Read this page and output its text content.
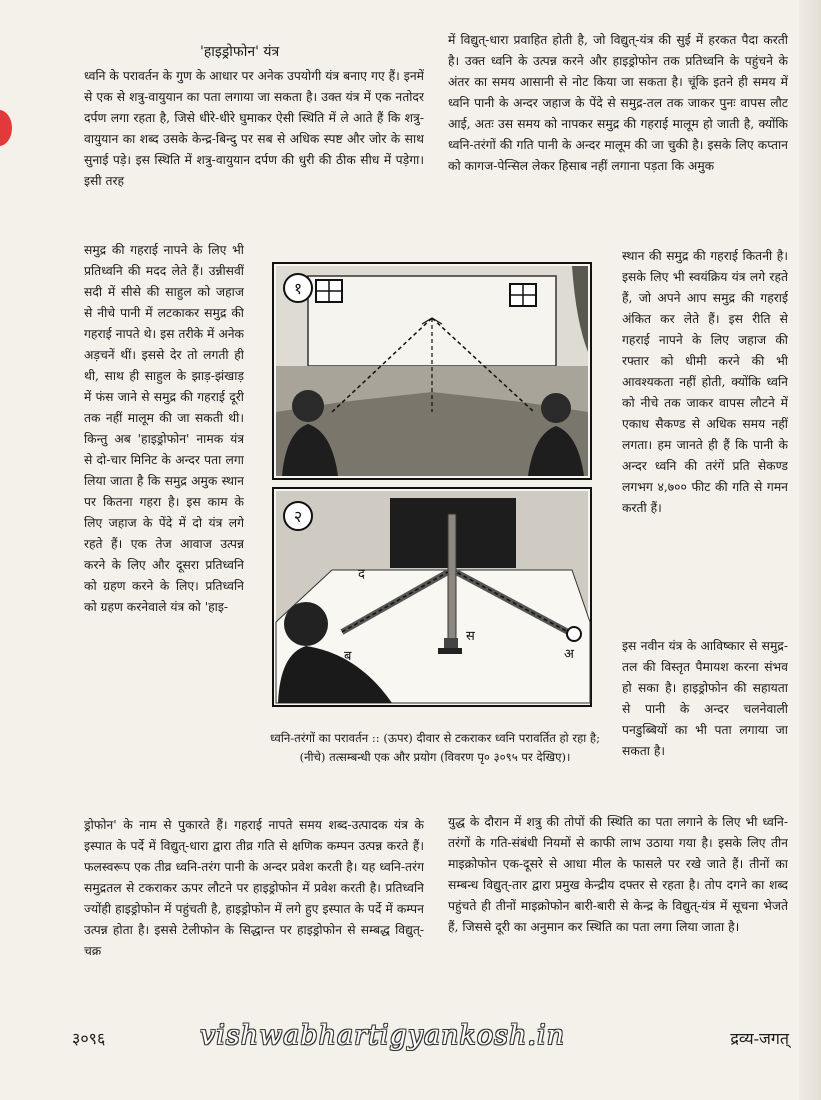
'हाइड्रोफोन' यंत्र

ध्वनि के परावर्तन के गुण के आधार पर अनेक उपयोगी यंत्र बनाए गए हैं। इनमें से एक से शत्रु-वायुयान का पता लगाया जा सकता है। उक्त यंत्र में एक नतोदर दर्पण लगा रहता है, जिसे धीरे-धीरे घुमाकर ऐसी स्थिति में ले आते हैं कि शत्रु-वायुयान का शब्द उसके केन्द्र-बिन्दु पर सब से अधिक स्पष्ट और जोर के साथ सुनाई पड़े। इस स्थिति में शत्रु-वायुयान दर्पण की धुरी की ठीक सीध में पड़ेगा। इसी तरह

समुद्र की गहराई नापने के लिए भी प्रतिध्वनि की मदद लेते हैं। उन्नीसवीं सदी में सीसे की साहुल को जहाज से नीचे पानी में लटकाकर समुद्र की गहराई नापते थे। इस तरीके में अनेक अड़चनें थीं। इससे देर तो लगती ही थी, साथ ही साहुल के झाड़-झंखाड़ में फंस जाने से समुद्र की गहराई दूरी तक नहीं मालूम की जा सकती थी। किन्तु अब 'हाइड्रोफोन' नामक यंत्र से दो-चार मिनिट के अन्दर पता लगा लिया जाता है कि समुद्र अमुक स्थान पर कितना गहरा है। इस काम के लिए जहाज के पेंदे में दो यंत्र लगे रहते हैं। एक तेज आवाज उत्पन्न करने के लिए और दूसरा प्रतिध्वनि को ग्रहण करने के लिए। प्रतिध्वनि को ग्रहण करनेवाले यंत्र को 'हाइ-

ड्रोफोन' के नाम से पुकारते हैं। गहराई नापते समय शब्द-उत्पादक यंत्र के इस्पात के पर्दे में विद्युत्-धारा द्वारा तीव्र गति से क्षणिक कम्पन उत्पन्न करते हैं। फलस्वरूप एक तीव्र ध्वनि-तरंग पानी के अन्दर प्रवेश करती है। यह ध्वनि-तरंग समुद्रतल से टकराकर ऊपर लौटने पर हाइड्रोफोन में प्रवेश करती है। प्रतिध्वनि ज्योंही हाइड्रोफोन में पहुंचती है, हाइड्रोफोन में लगे हुए इस्पात के पर्दे में कम्पन उत्पन्न होता है। इससे टेलीफोन के सिद्धान्त पर हाइड्रोफोन से सम्बद्ध विद्युत्-चक्र

में विद्युत्-धारा प्रवाहित होती है, जो विद्युत्-यंत्र की सुई में हरकत पैदा करती है। उक्त ध्वनि के उत्पन्न करने और हाइड्रोफोन तक प्रतिध्वनि के पहुंचने के अंतर का समय आसानी से नोट किया जा सकता है। चूंकि इतने ही समय में ध्वनि पानी के अन्दर जहाज के पेंदे से समुद्र-तल तक जाकर पुनः वापस लौट आई, अतः उस समय को नापकर समुद्र की गहराई मालूम हो जाती है, क्योंकि ध्वनि-तरंगों की गति पानी के अन्दर मालूम की जा चुकी है। इसके लिए कप्तान को कागज-पेन्सिल लेकर हिसाब नहीं लगाना पड़ता कि अमुक

स्थान की समुद्र की गहराई कितनी है। इसके लिए भी स्वयंक्रिय यंत्र लगे रहते हैं, जो अपने आप समुद्र की गहराई अंकित कर लेते हैं। इस रीति से गहराई नापने के लिए जहाज की रफ्तार को धीमी करने की भी आवश्यकता नहीं होती, क्योंकि ध्वनि को नीचे तक जाकर वापस लौटने में एकाध सैकण्ड से अधिक समय नहीं लगता। हम जानते ही हैं कि पानी के अन्दर ध्वनि की तरंगें प्रति सेकण्ड लगभग ४,७०० फीट की गति से गमन करती हैं।

इस नवीन यंत्र के आविष्कार से समुद्र-तल की विस्तृत पैमायश करना संभव हो सका है। हाइड्रोफोन की सहायता से पानी के अन्दर चलनेवाली पनडुब्बियों का भी पता लगाया जा सकता है।

युद्ध के दौरान में शत्रु की तोपों की स्थिति का पता लगाने के लिए भी ध्वनि-तरंगों के गति-संबंधी नियमों से काफी लाभ उठाया गया है। इसके लिए तीन माइक्रोफोन एक-दूसरे से आधा मील के फासले पर रखे जाते हैं। तीनों का सम्बन्ध विद्युत्-तार द्वारा प्रमुख केन्द्रीय दफ्तर से रहता है। तोप दगने का शब्द पहुंचते ही तीनों माइक्रोफोन बारी-बारी से केन्द्र के विद्युत्-यंत्र में सूचना भेजते हैं, जिससे दूरी का अनुमान कर स्थिति का पता लगा लिया जाता है।

१
द
ब
स
अ
२

ध्वनि-तरंगों का परावर्तन :: (ऊपर) दीवार से टकराकर ध्वनि परावर्तित हो रहा है; (नीचे) तत्सम्बन्धी एक और प्रयोग (विवरण पृ० ३०९५ पर देखिए)।

३०९६	vishwabhartigyankosh.in	द्रव्य-जगत्
